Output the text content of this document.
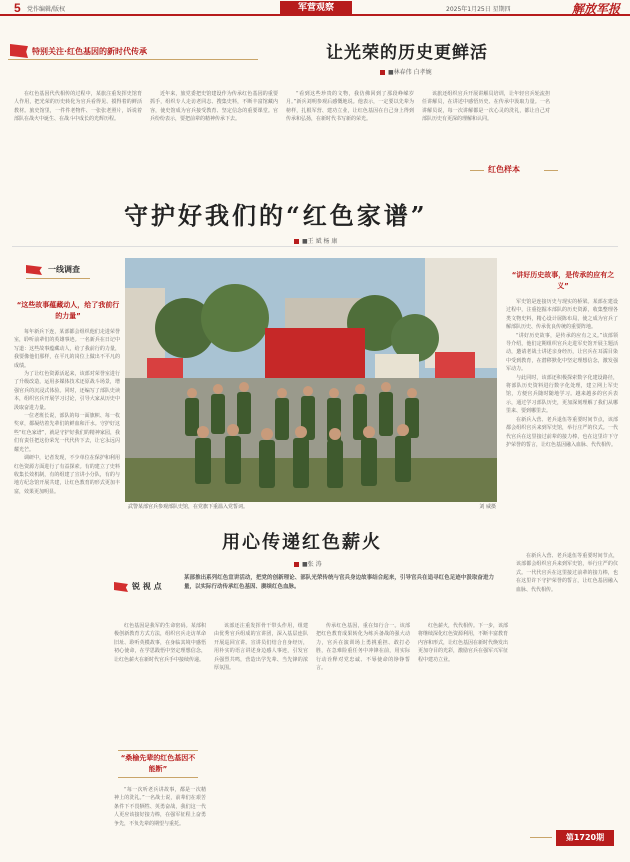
5 党作编辑/版权	军营观察	2025年1月25日 星期四	解放军报
特别关注·红色基因的新时代传承	让光荣的历史更鲜活
■林春伟 白孝婉
在红色基因代代相传的过程中，某旅注重发挥史馆育人作用，把光荣的历史转化为官兵看得见、摸得着的鲜活教材。旅史馆里，一件件老物件、一张张老照片，诉说着部队在战火中诞生、在战斗中成长的光辉历程。
近年来，旅党委把史馆建设作为传承红色基因的重要抓手，组织专人走访老同志、搜集史料，不断丰富馆藏内容，使史馆成为官兵接受教育、坚定信念的重要课堂。官兵纷纷表示，要把前辈的精神传承下去。
“看到这些珍贵的文物，我仿佛回到了那段峥嵘岁月。”新兵刘明参观后感慨地说。他表示，一定要以先辈为榜样，扎根军营、建功立业，让红色基因在自己身上得到传承和弘扬，在新时代书写新的荣光。
该旅还组织官兵开展讲解员培训，让年轻官兵轮流担任讲解员，在讲述中感悟历史、在传承中汲取力量。一名讲解员说，每一次讲解都是一次心灵的洗礼，都让自己对部队历史有更深的理解和认同。
红色样本
守护好我们的“红色家谱”
■王 斌 杨 康
一线调查
“这些故事蕴藏动人，给了我前行的力量”

每年新兵下连，某部都会组织他们走进荣誉室，聆听前辈们的英雄事迹。一名新兵在日记中写道：这些故事蕴藏动人，给了我前行的力量，我要像他们那样，在平凡的岗位上做出不平凡的成绩。

为了让红色资源活起来，该部对荣誉室进行了升级改造，运用多媒体技术还原战斗场景，增强官兵的沉浸式体验。同时，还编写了部队史读本，组织官兵开展学习讨论，引导大家从历史中汲取奋进力量。

一位老班长说，部队的每一面旗帜、每一枚奖章，都凝结着先辈们的鲜血和汗水。守护好这些“红色家谱”，就是守护好我们的精神家园，我们有责任把这份荣光一代代传下去，让它永远闪耀光芒。

调研中，记者发现，不少单位在保护和利用红色资源方面进行了有益探索。有的建立了史料收集长效机制，有的组建了宣讲小分队，有的与地方纪念馆开展共建，让红色教育的形式更加丰富，效果更加明显。

“讲好历史故事，是传承的应有之义”

军史馆是连接历史与现实的桥梁。某部在建设过程中，注重挖掘本部队的历史资源，收集整理各类文物史料，精心设计展陈布局，使之成为官兵了解部队历史、传承优良传统的重要阵地。

“讲好历史故事，是传承的应有之义。”该部领导介绍，他们定期组织官兵走进军史馆开展主题活动，邀请老战士讲述亲身经历，让官兵在耳濡目染中受到教育，在潜移默化中坚定理想信念，激发强军动力。

与此同时，该部还积极探索数字化建设路径，将部队历史资料进行数字化处理，建立网上军史馆，方便官兵随时随地学习。越来越多的官兵表示，通过学习部队历史，更加深刻理解了我们从哪里来、要到哪里去。

在新兵入营、老兵退伍等重要时间节点，该部都会组织官兵来到军史馆，举行庄严的仪式。一代代官兵在这里接过前辈的接力棒，也在这里许下守护荣誉的誓言，让红色基因融入血脉、代代相传。

武警某部官兵参观部队史馆，在党旗下重温入党誓词。	刘 威摄
用心传递红色薪火
■张 涛
某部推出系列红色宣讲活动，把党的创新理论、部队光荣传统与官兵身边故事结合起来，引导官兵在追寻红色足迹中汲取奋进力量，以实际行动传承红色基因、赓续红色血脉。
锐 视 点
红色基因是我军的生命密码。某部积极创新教育方式方法，组织官兵走访革命旧址、聆听英模故事，在身临其境中感悟初心使命，在学思践悟中坚定理想信念，让红色薪火在新时代官兵手中接续传递。
“桑榆先辈的红色基因不能断”
“每一次听老兵讲故事，都是一次精神上的洗礼。”一名战士说，前辈们在艰苦条件下不畏牺牲、英勇奋战，我们这一代人更应该接好接力棒，在强军征程上奋勇争先，不负先辈的期望与重托。
该部还注重发挥骨干带头作用，组建由优秀官兵组成的宣讲团，深入基层连队开展巡回宣讲。宣讲员们结合自身经历，用朴实的语言讲述身边感人事迹，引发官兵强烈共鸣，营造出学先辈、当先锋的浓厚氛围。
传承红色基因，重在知行合一。该部把红色教育成果转化为练兵备战的强大动力，官兵在演训场上勇挑重担、敢打必胜，在急难险重任务中冲锋在前，用实际行动诠释对党忠诚、不辱使命的铮铮誓言。
红色薪火，代代相传。下一步，该部将继续深化红色资源利用，不断丰富教育内容和形式，让红色基因在新时代焕发出更加夺目的光彩，激励官兵在强军兴军征程中建功立业。
在新兵入营、老兵退伍等重要时间节点，该部都会组织官兵来到军史馆，举行庄严的仪式。一代代官兵在这里接过前辈的接力棒，也在这里许下守护荣誉的誓言，让红色基因融入血脉、代代相传。
第1720期
